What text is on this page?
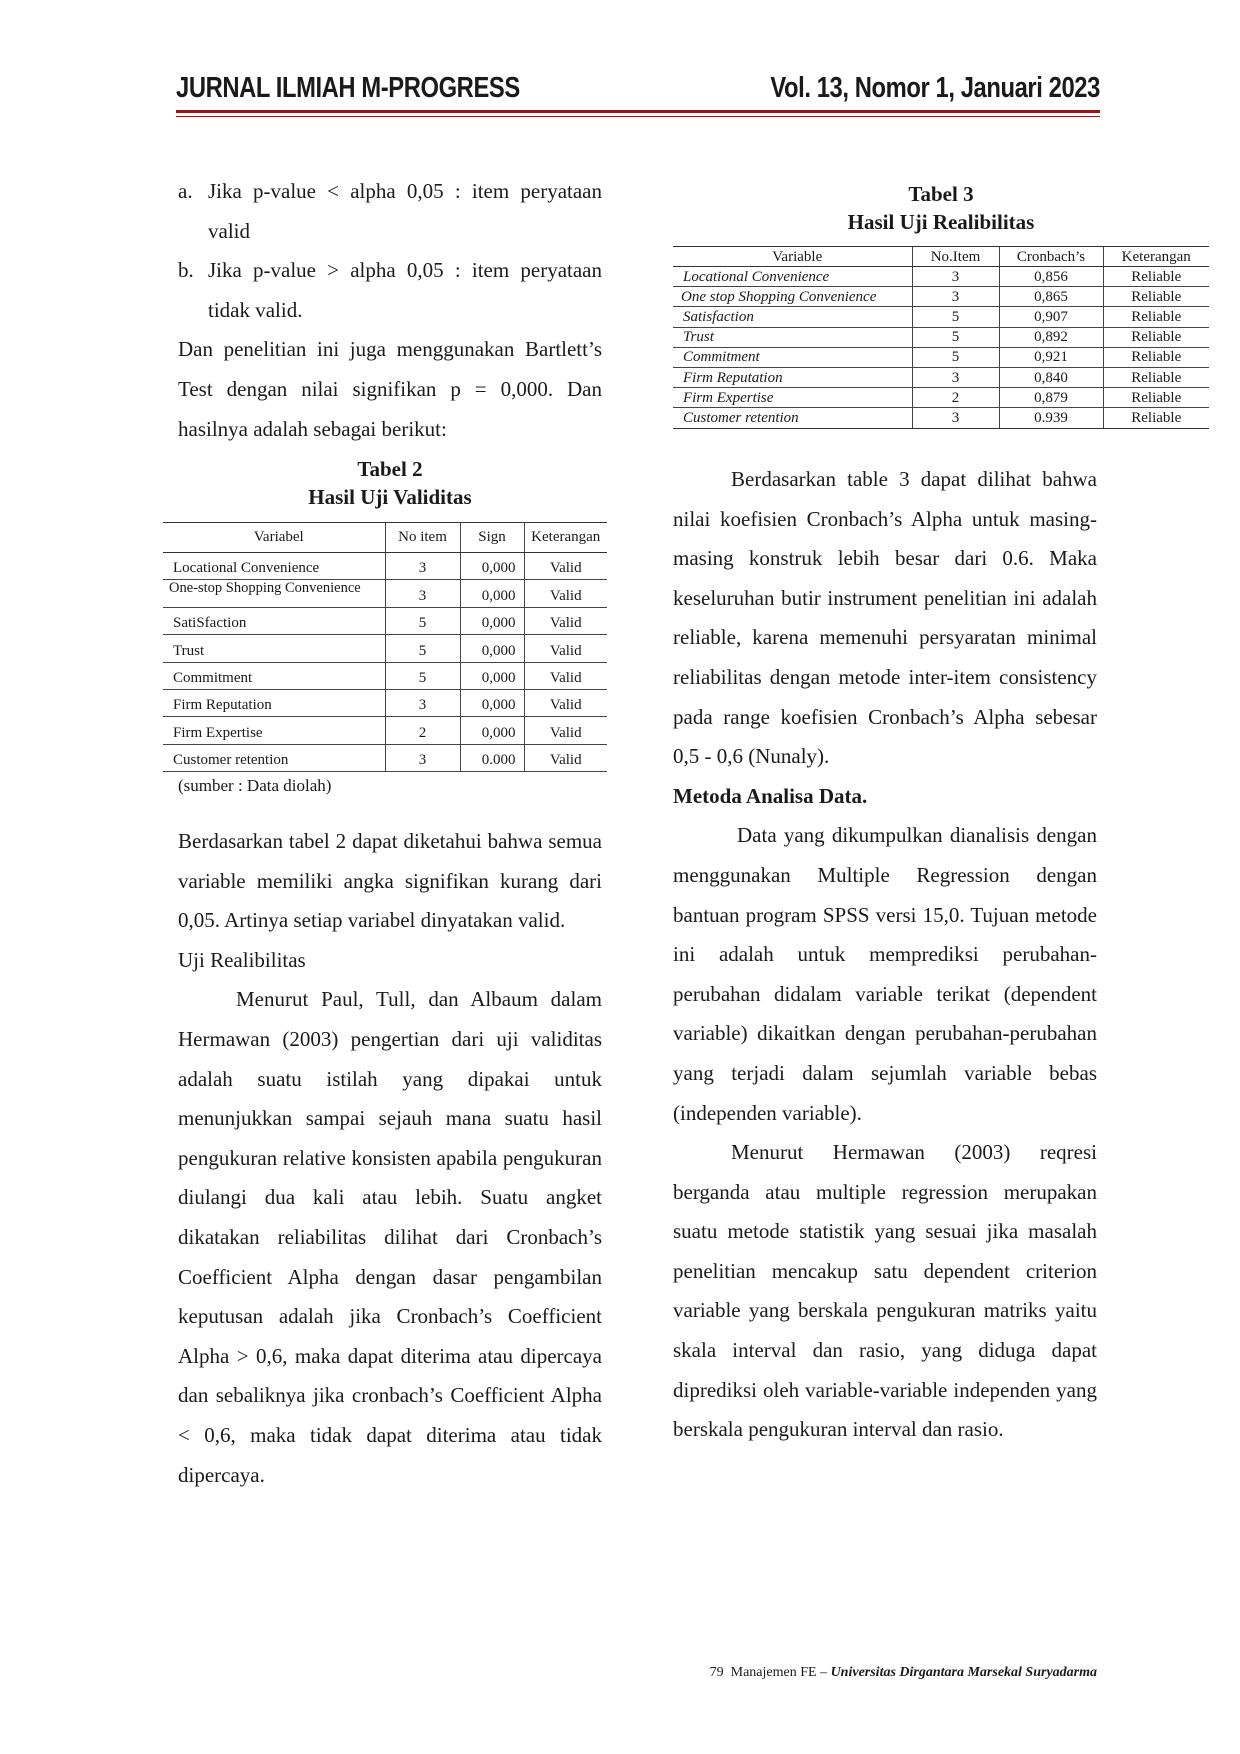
JURNAL ILMIAH M-PROGRESS	Vol. 13, Nomor 1, Januari 2023
a. Jika p-value < alpha 0,05 : item peryataan valid
b. Jika p-value > alpha 0,05 : item peryataan tidak valid.

Dan penelitian ini juga menggunakan Bartlett’s Test dengan nilai signifikan p = 0,000. Dan hasilnya adalah sebagai berikut:

Tabel 2
Hasil Uji Validitas
Variabel	No item	Sign	Keterangan
Locational Convenience	3	0,000	Valid
One-stop Shopping Convenience	3	0,000	Valid
SatiSfaction	5	0,000	Valid
Trust	5	0,000	Valid
Commitment	5	0,000	Valid
Firm Reputation	3	0,000	Valid
Firm Expertise	2	0,000	Valid
Customer retention	3	0.000	Valid
(sumber : Data diolah)

Berdasarkan tabel 2 dapat diketahui bahwa semua variable memiliki angka signifikan kurang dari 0,05. Artinya setiap variabel dinyatakan valid.

Uji Realibilitas

Menurut Paul, Tull, dan Albaum dalam Hermawan (2003) pengertian dari uji validitas adalah suatu istilah yang dipakai untuk menunjukkan sampai sejauh mana suatu hasil pengukuran relative konsisten apabila pengukuran diulangi dua kali atau lebih. Suatu angket dikatakan reliabilitas dilihat dari Cronbach’s Coefficient Alpha dengan dasar pengambilan keputusan adalah jika Cronbach’s Coefficient Alpha > 0,6, maka dapat diterima atau dipercaya dan sebaliknya jika cronbach’s Coefficient Alpha < 0,6, maka tidak dapat diterima atau tidak dipercaya.

Tabel 3
Hasil Uji Realibilitas
Variable	No.Item	Cronbach’s	Keterangan
Locational Convenience	3	0,856	Reliable
One stop Shopping Convenience	3	0,865	Reliable
Satisfaction	5	0,907	Reliable
Trust	5	0,892	Reliable
Commitment	5	0,921	Reliable
Firm Reputation	3	0,840	Reliable
Firm Expertise	2	0,879	Reliable
Customer retention	3	0.939	Reliable

Berdasarkan table 3 dapat dilihat bahwa nilai koefisien Cronbach’s Alpha untuk masing- masing konstruk lebih besar dari 0.6. Maka keseluruhan butir instrument penelitian ini adalah reliable, karena memenuhi persyaratan minimal reliabilitas dengan metode inter-item consistency pada range koefisien Cronbach’s Alpha sebesar 0,5 - 0,6 (Nunaly).

Metoda Analisa Data.

Data yang dikumpulkan dianalisis dengan menggunakan Multiple Regression dengan bantuan program SPSS versi 15,0. Tujuan metode ini adalah untuk memprediksi perubahan- perubahan didalam variable terikat (dependent variable) dikaitkan dengan perubahan-perubahan yang terjadi dalam sejumlah variable bebas (independen variable).

Menurut Hermawan (2003) reqresi berganda atau multiple regression merupakan suatu metode statistik yang sesuai jika masalah penelitian mencakup satu dependent criterion variable yang berskala pengukuran matriks yaitu skala interval dan rasio, yang diduga dapat diprediksi oleh variable-variable independen yang berskala pengukuran interval dan rasio.

79 Manajemen FE – Universitas Dirgantara Marsekal Suryadarma
